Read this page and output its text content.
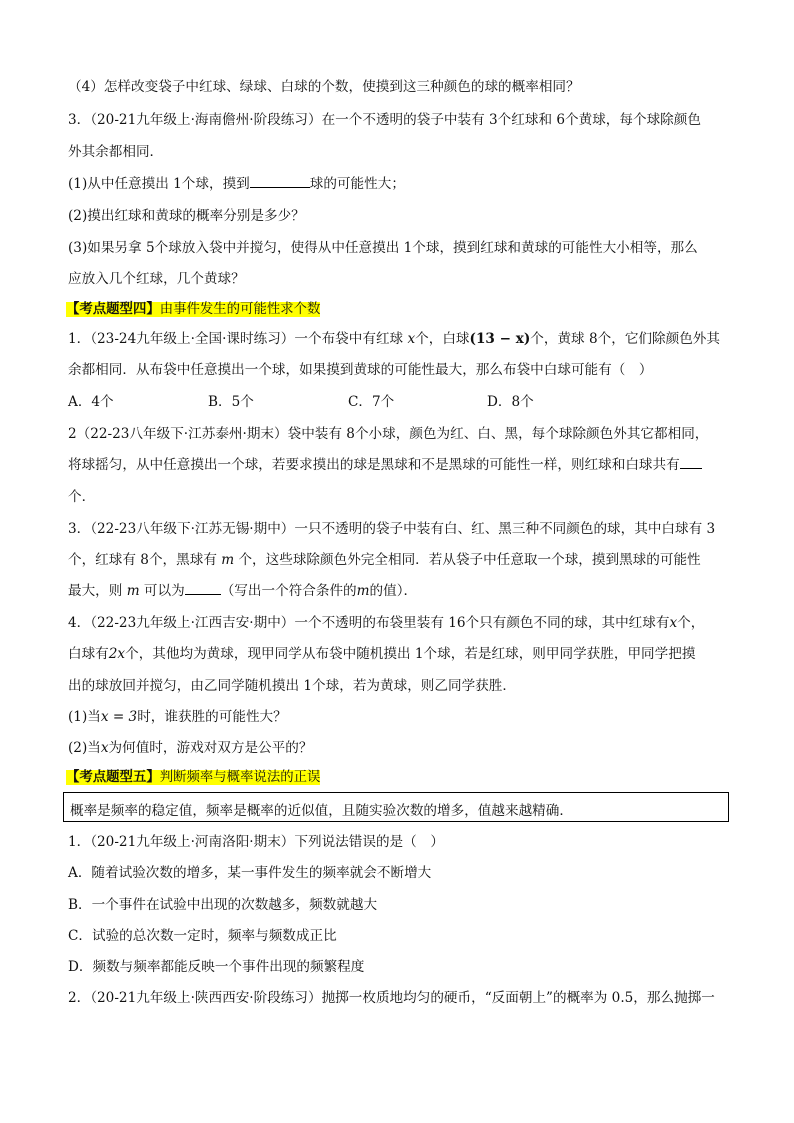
（4）怎样改变袋子中红球、绿球、白球的个数，使摸到这三种颜色的球的概率相同？
3．（20-21九年级上·海南儋州·阶段练习）在一个不透明的袋子中装有 3个红球和 6个黄球，每个球除颜色
外其余都相同．
(1)从中任意摸出 1个球，摸到	球的可能性大；
(2)摸出红球和黄球的概率分别是多少？
(3)如果另拿 5个球放入袋中并搅匀，使得从中任意摸出 1个球，摸到红球和黄球的可能性大小相等，那么
应放入几个红球，几个黄球？
【考点题型四】由事件发生的可能性求个数
1．（23-24九年级上·全国·课时练习）一个布袋中有红球 x个，白球(13 − x)个，黄球 8个，它们除颜色外其
余都相同．从布袋中任意摸出一个球，如果摸到黄球的可能性最大，那么布袋中白球可能有（　）
A．4个	B．5个	C．7个	D．8个
2（22-23八年级下·江苏泰州·期末）袋中装有 8个小球，颜色为红、白、黑，每个球除颜色外其它都相同，
将球摇匀，从中任意摸出一个球，若要求摸出的球是黑球和不是黑球的可能性一样，则红球和白球共有
个．
3．（22-23八年级下·江苏无锡·期中）一只不透明的袋子中装有白、红、黑三种不同颜色的球，其中白球有 3
个，红球有 8个，黑球有 m 个，这些球除颜色外完全相同．若从袋子中任意取一个球，摸到黑球的可能性
最大，则 m 可以为	（写出一个符合条件的m的值）．
4．（22-23九年级上·江西吉安·期中）一个不透明的布袋里装有 16个只有颜色不同的球，其中红球有x个，
白球有2x个，其他均为黄球，现甲同学从布袋中随机摸出 1个球，若是红球，则甲同学获胜，甲同学把摸
出的球放回并搅匀，由乙同学随机摸出 1个球，若为黄球，则乙同学获胜．
(1)当x = 3时，谁获胜的可能性大？
(2)当x为何值时，游戏对双方是公平的？
【考点题型五】判断频率与概率说法的正误
概率是频率的稳定值，频率是概率的近似值，且随实验次数的增多，值越来越精确．
1．（20-21九年级上·河南洛阳·期末）下列说法错误的是（　）
A．随着试验次数的增多，某一事件发生的频率就会不断增大
B．一个事件在试验中出现的次数越多，频数就越大
C．试验的总次数一定时，频率与频数成正比
D．频数与频率都能反映一个事件出现的频繁程度
2．（20-21九年级上·陕西西安·阶段练习）抛掷一枚质地均匀的硬币，“反面朝上”的概率为 0.5，那么抛掷一
